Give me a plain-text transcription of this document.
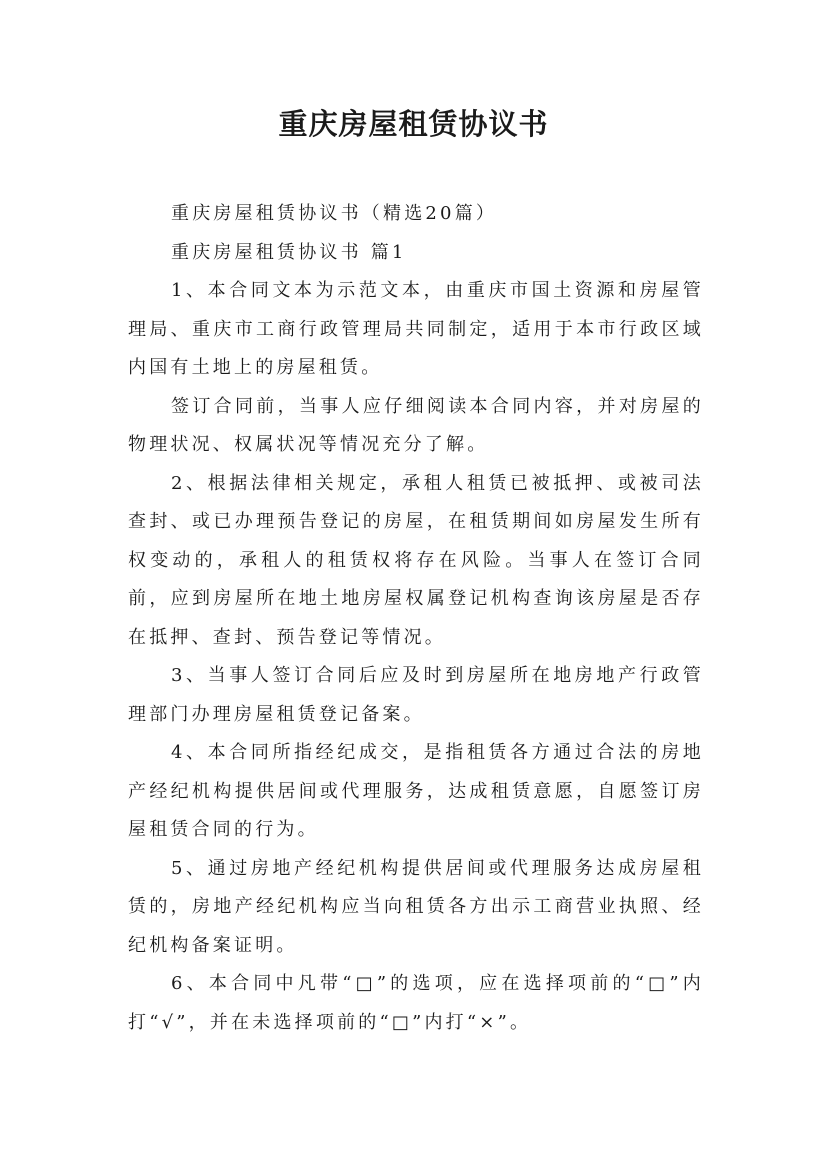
重庆房屋租赁协议书

重庆房屋租赁协议书（精选20篇）

重庆房屋租赁协议书 篇1

1、本合同文本为示范文本，由重庆市国土资源和房屋管理局、重庆市工商行政管理局共同制定，适用于本市行政区域内国有土地上的房屋租赁。

签订合同前，当事人应仔细阅读本合同内容，并对房屋的物理状况、权属状况等情况充分了解。

2、根据法律相关规定，承租人租赁已被抵押、或被司法查封、或已办理预告登记的房屋，在租赁期间如房屋发生所有权变动的，承租人的租赁权将存在风险。当事人在签订合同前，应到房屋所在地土地房屋权属登记机构查询该房屋是否存在抵押、查封、预告登记等情况。

3、当事人签订合同后应及时到房屋所在地房地产行政管理部门办理房屋租赁登记备案。

4、本合同所指经纪成交，是指租赁各方通过合法的房地产经纪机构提供居间或代理服务，达成租赁意愿，自愿签订房屋租赁合同的行为。

5、通过房地产经纪机构提供居间或代理服务达成房屋租赁的，房地产经纪机构应当向租赁各方出示工商营业执照、经纪机构备案证明。

6、本合同中凡带“□”的选项，应在选择项前的“□”内打“√”，并在未选择项前的“□”内打“×”。
